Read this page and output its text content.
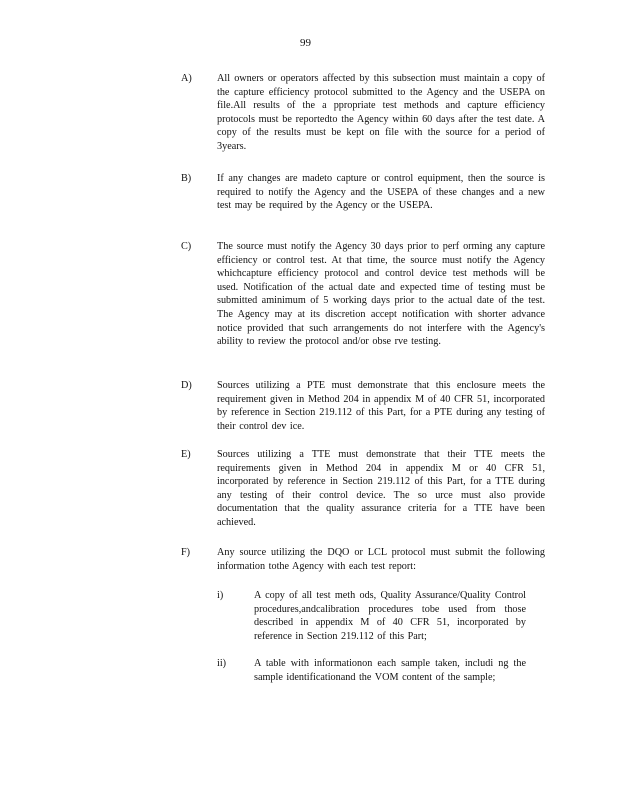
99
A) All owners or operators affected by this subsection must maintain a copy of the capture efficiency protocol submitted to the Agency and the USEPA on file.All results of the a ppropriate test methods and capture efficiency protocols must be reportedto the Agency within 60 days after the test date. A copy of the results must be kept on file with the source for a period of 3years.
B)	If any changes are madeto capture or control equipment, then the source is required to notify the Agency and the USEPA of these changes and a new test may be required by the Agency or the USEPA.
C)	The source must notify the Agency 30 days prior to perf orming any capture efficiency or control test. At that time, the source must notify the Agency whichcapture efficiency protocol and control device test methods will be used. Notification of the actual date and expected time of testing must be submitted aminimum of 5 working days prior to the actual date of the test. The Agency may at its discretion accept notification with shorter advance notice provided that such arrangements do not interfere with the Agency's ability to review the protocol and/or obse rve testing.
D) Sources utilizing a PTE must demonstrate that this enclosure meets the requirement given in Method 204 in appendix M of 40 CFR 51, incorporated by reference in Section 219.112 of this Part, for a PTE during any testing of their control dev ice.
E)	Sources utilizing a TTE must demonstrate that their TTE meets the requirements given in Method 204 in appendix M or 40 CFR 51, incorporated by reference in Section 219.112 of this Part, for a TTE during any testing of their control device. The so urce must also provide documentation that the quality assurance criteria for a TTE have been achieved.
F)	Any source utilizing the DQO or LCL protocol must submit the following information tothe Agency with each test report:
i)	A copy of all test meth ods, Quality Assurance/Quality Control procedures,andcalibration procedures tobe used from those described in appendix M of 40 CFR 51, incorporated by reference in Section 219.112 of this Part;
ii)	A table with informationon each sample taken, includi ng the sample identificationand the VOM content of the sample;
